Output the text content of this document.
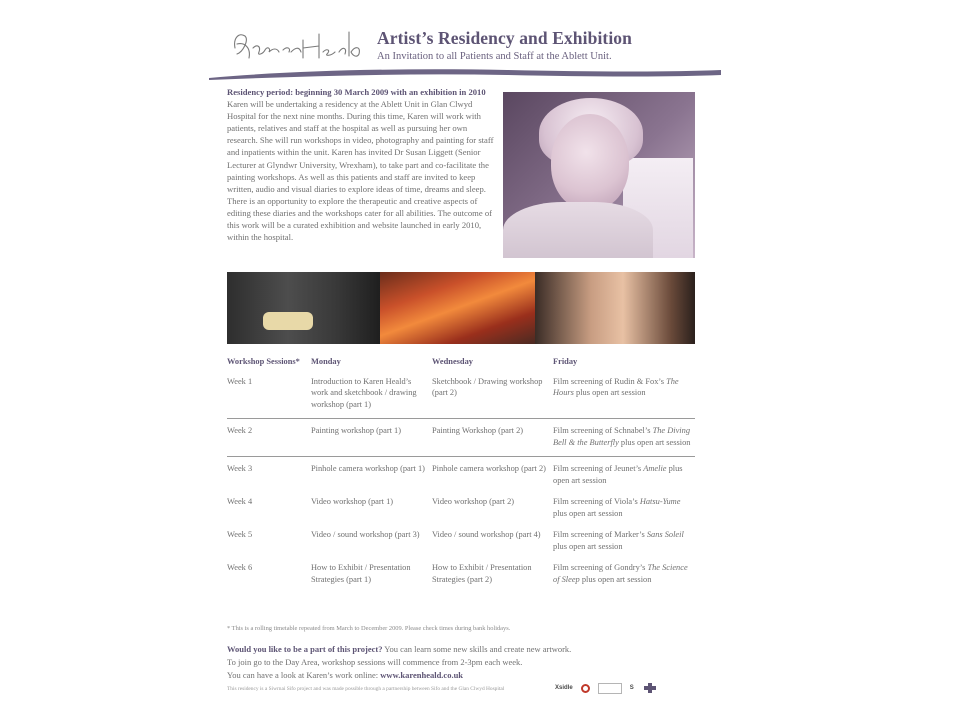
Karen Heald
Artist’s Residency and Exhibition
An Invitation to all Patients and Staff at the Ablett Unit.
Residency period: beginning 30 March 2009 with an exhibition in 2010
Karen will be undertaking a residency at the Ablett Unit in Glan Clwyd Hospital for the next nine months. During this time, Karen will work with patients, relatives and staff at the hospital as well as pursuing her own research. She will run workshops in video, photography and painting for staff and inpatients within the unit. Karen has invited Dr Susan Liggett (Senior Lecturer at Glyndwr University, Wrexham), to take part and co-facilitate the painting workshops. As well as this patients and staff are invited to keep written, audio and visual diaries to explore ideas of time, dreams and sleep. There is an opportunity to explore the therapeutic and creative aspects of editing these diaries and the workshops cater for all abilities. The outcome of this work will be a curated exhibition and website launched in early 2010, within the hospital.
Workshop Sessions*	Monday	Wednesday	Friday
Week 1	Introduction to Karen Heald’s work and sketchbook / drawing workshop (part 1)	Sketchbook / Drawing workshop (part 2)	Film screening of Rudin & Fox’s The Hours plus open art session
Week 2	Painting workshop (part 1)	Painting Workshop (part 2)	Film screening of Schnabel’s The Diving Bell & the Butterfly plus open art session
Week 3	Pinhole camera workshop (part 1)	Pinhole camera workshop (part 2)	Film screening of Jeunet’s Amelie plus open art session
Week 4	Video workshop (part 1)	Video workshop (part 2)	Film screening of Viola’s Hatsu-Yume plus open art session
Week 5	Video / sound workshop (part 3)	Video / sound workshop (part 4)	Film screening of Marker’s Sans Soleil plus open art session
Week 6	How to Exhibit / Presentation Strategies (part 1)	How to Exhibit / Presentation Strategies (part 2)	Film screening of Gondry’s The Science of Sleep plus open art session
* This is a rolling timetable repeated from March to December 2009. Please check times during bank holidays.
Would you like to be a part of this project? You can learn some new skills and create new artwork.
To join go to the Day Area, workshop sessions will commence from 2-3pm each week.
You can have a look at Karen’s work online: www.karenheald.co.uk
This residency is a Siwrnai Sifo project and was made possible through a partnership between Sifo and the Glan Clwyd Hospital	Xsidle	S
